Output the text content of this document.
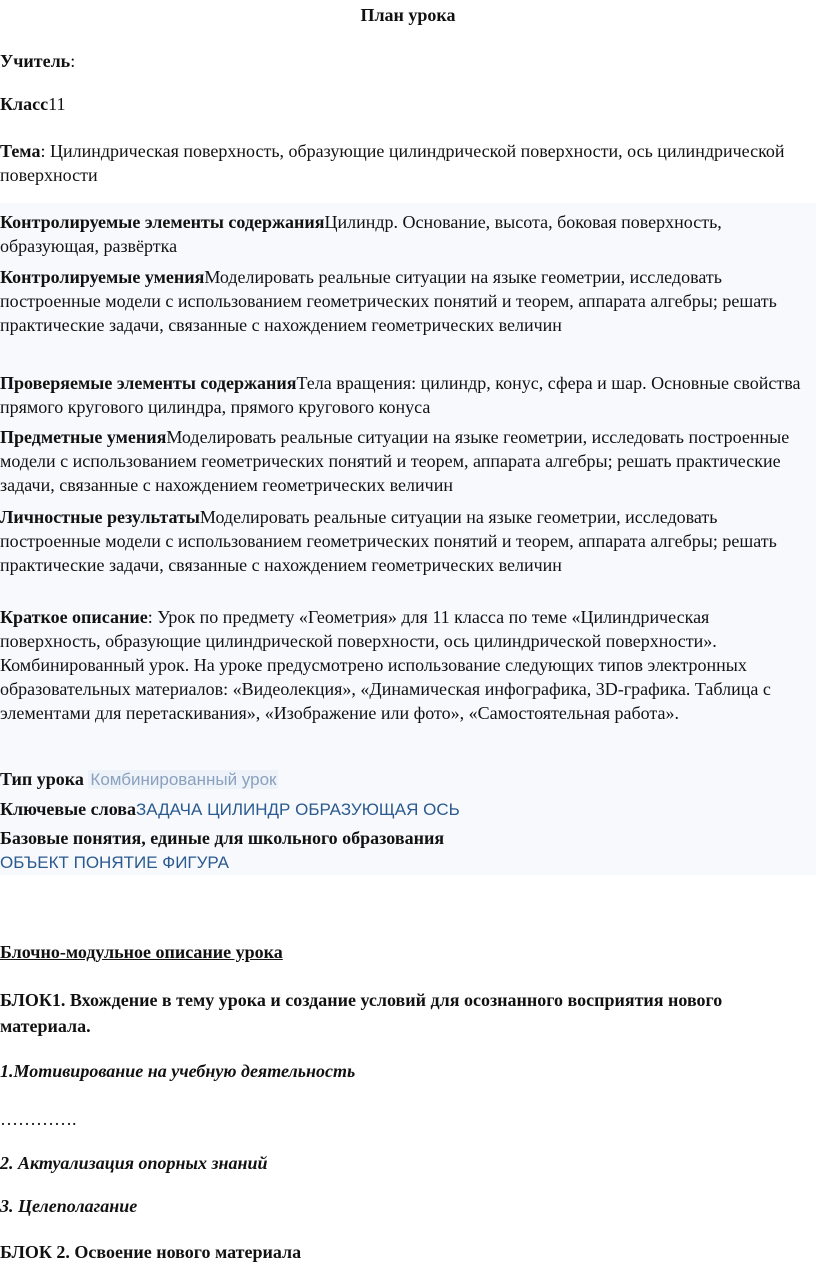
План урока
Учитель:
Класс11
Тема: Цилиндрическая поверхность, образующие цилиндрической поверхности, ось цилиндрической поверхности
Контролируемые элементы содержанияЦилиндр. Основание, высота, боковая поверхность, образующая, развёртка
Контролируемые уменияМоделировать реальные ситуации на языке геометрии, исследовать построенные модели с использованием геометрических понятий и теорем, аппарата алгебры; решать практические задачи, связанные с нахождением геометрических величин
Проверяемые элементы содержанияТела вращения: цилиндр, конус, сфера и шар. Основные свойства прямого кругового цилиндра, прямого кругового конуса
Предметные уменияМоделировать реальные ситуации на языке геометрии, исследовать построенные модели с использованием геометрических понятий и теорем, аппарата алгебры; решать практические задачи, связанные с нахождением геометрических величин
Личностные результатыМоделировать реальные ситуации на языке геометрии, исследовать построенные модели с использованием геометрических понятий и теорем, аппарата алгебры; решать практические задачи, связанные с нахождением геометрических величин
Краткое описание: Урок по предмету «Геометрия» для 11 класса по теме «Цилиндрическая поверхность, образующие цилиндрической поверхности, ось цилиндрической поверхности». Комбинированный урок. На уроке предусмотрено использование следующих типов электронных образовательных материалов: «Видеолекция», «Динамическая инфографика, 3D-графика. Таблица с элементами для перетаскивания», «Изображение или фото», «Самостоятельная работа».
Тип урока Комбинированный урок
Ключевые словаЗАДАЧА ЦИЛИНДР ОБРАЗУЮЩАЯ ОСЬ
Базовые понятия, единые для школьного образования
ОБЪЕКТ ПОНЯТИЕ ФИГУРА
Блочно-модульное описание урока
БЛОК1. Вхождение в тему урока и создание условий для осознанного восприятия нового материала.
1.Мотивирование на учебную деятельность
………….
2. Актуализация опорных знаний
3. Целеполагание
БЛОК 2. Освоение нового материала
